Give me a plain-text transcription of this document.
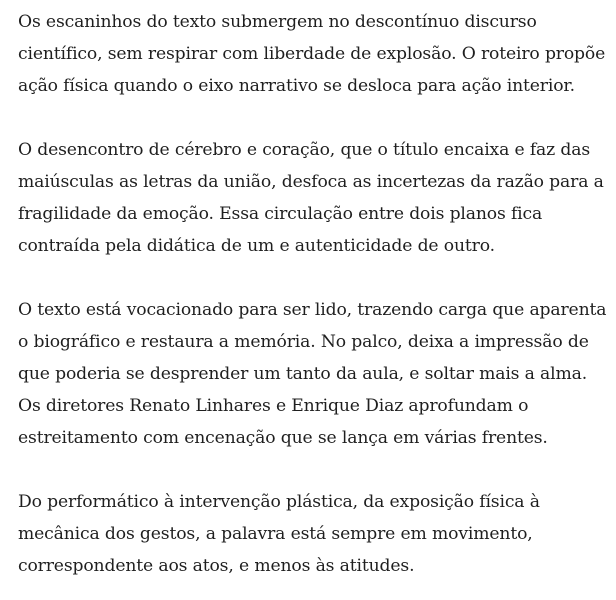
Os escaninhos do texto submergem no descontínuo discurso científico, sem respirar com liberdade de explosão. O roteiro propõe ação física quando o eixo narrativo se desloca para ação interior.

O desencontro de cérebro e coração, que o título encaixa e faz das maiúsculas as letras da união, desfoca as incertezas da razão para a fragilidade da emoção. Essa circulação entre dois planos fica contraída pela didática de um e autenticidade de outro.

O texto está vocacionado para ser lido, trazendo carga que aparenta o biográfico e restaura a memória. No palco, deixa a impressão de que poderia se desprender um tanto da aula, e soltar mais a alma. Os diretores Renato Linhares e Enrique Diaz aprofundam o estreitamento com encenação que se lança em várias frentes.

Do performático à intervenção plástica, da exposição física à mecânica dos gestos, a palavra está sempre em movimento, correspondente aos atos, e menos às atitudes.
